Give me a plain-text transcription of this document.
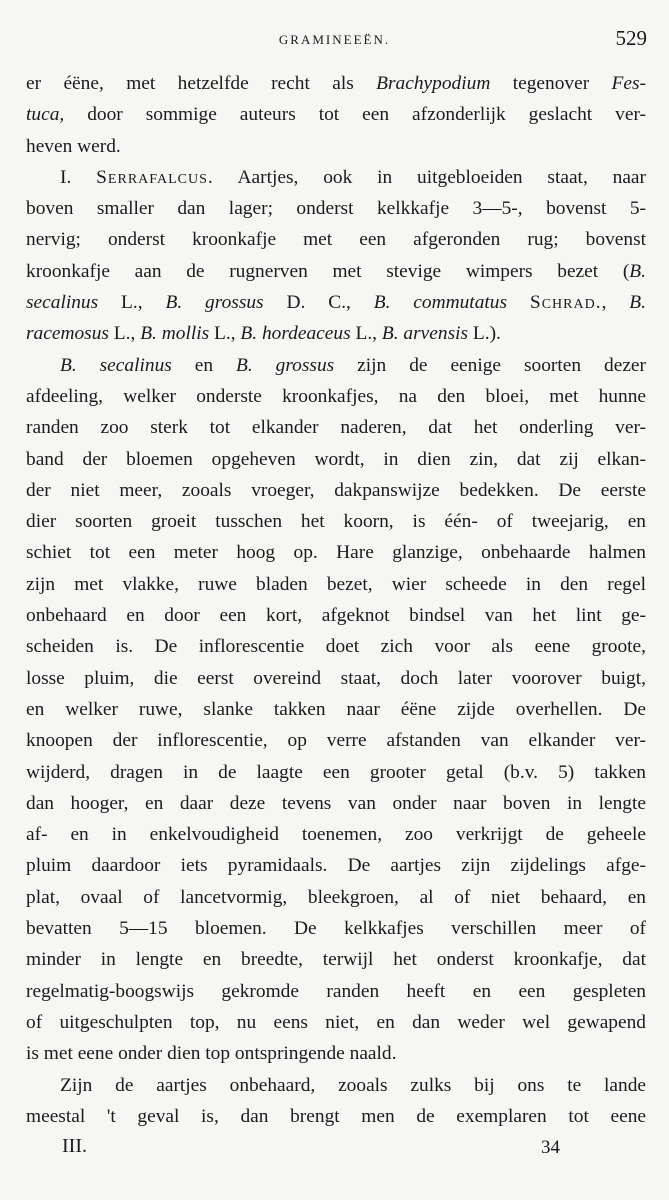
GRAMINEEËN.	529
er éëne, met hetzelfde recht als Brachypodium tegenover Fes-
tuca, door sommige auteurs tot een afzonderlijk geslacht ver-
heven werd.
I. Serrafalcus. Aartjes, ook in uitgebloeiden staat, naar
boven smaller dan lager; onderst kelkkafje 3—5-, bovenst 5-
nervig; onderst kroonkafje met een afgeronden rug; bovenst
kroonkafje aan de rugnerven met stevige wimpers bezet (B.
secalinus L., B. grossus D. C., B. commutatus Schrad., B.
racemosus L., B. mollis L., B. hordeaceus L., B. arvensis L.).
B. secalinus en B. grossus zijn de eenige soorten dezer
afdeeling, welker onderste kroonkafjes, na den bloei, met hunne
randen zoo sterk tot elkander naderen, dat het onderling ver-
band der bloemen opgeheven wordt, in dien zin, dat zij elkan-
der niet meer, zooals vroeger, dakpanswijze bedekken. De eerste
dier soorten groeit tusschen het koorn, is één- of tweejarig, en
schiet tot een meter hoog op. Hare glanzige, onbehaarde halmen
zijn met vlakke, ruwe bladen bezet, wier scheede in den regel
onbehaard en door een kort, afgeknot bindsel van het lint ge-
scheiden is. De inflorescentie doet zich voor als eene groote,
losse pluim, die eerst overeind staat, doch later voorover buigt,
en welker ruwe, slanke takken naar éëne zijde overhellen. De
knoopen der inflorescentie, op verre afstanden van elkander ver-
wijderd, dragen in de laagte een grooter getal (b.v. 5) takken
dan hooger, en daar deze tevens van onder naar boven in lengte
af- en in enkelvoudigheid toenemen, zoo verkrijgt de geheele
pluim daardoor iets pyramidaals. De aartjes zijn zijdelings afge-
plat, ovaal of lancetvormig, bleekgroen, al of niet behaard, en
bevatten 5—15 bloemen. De kelkkafjes verschillen meer of
minder in lengte en breedte, terwijl het onderst kroonkafje, dat
regelmatig-boogswijs gekromde randen heeft en een gespleten
of uitgeschulpten top, nu eens niet, en dan weder wel gewapend
is met eene onder dien top ontspringende naald.
Zijn de aartjes onbehaard, zooals zulks bij ons te lande
meestal 't geval is, dan brengt men de exemplaren tot eene
III.	34
